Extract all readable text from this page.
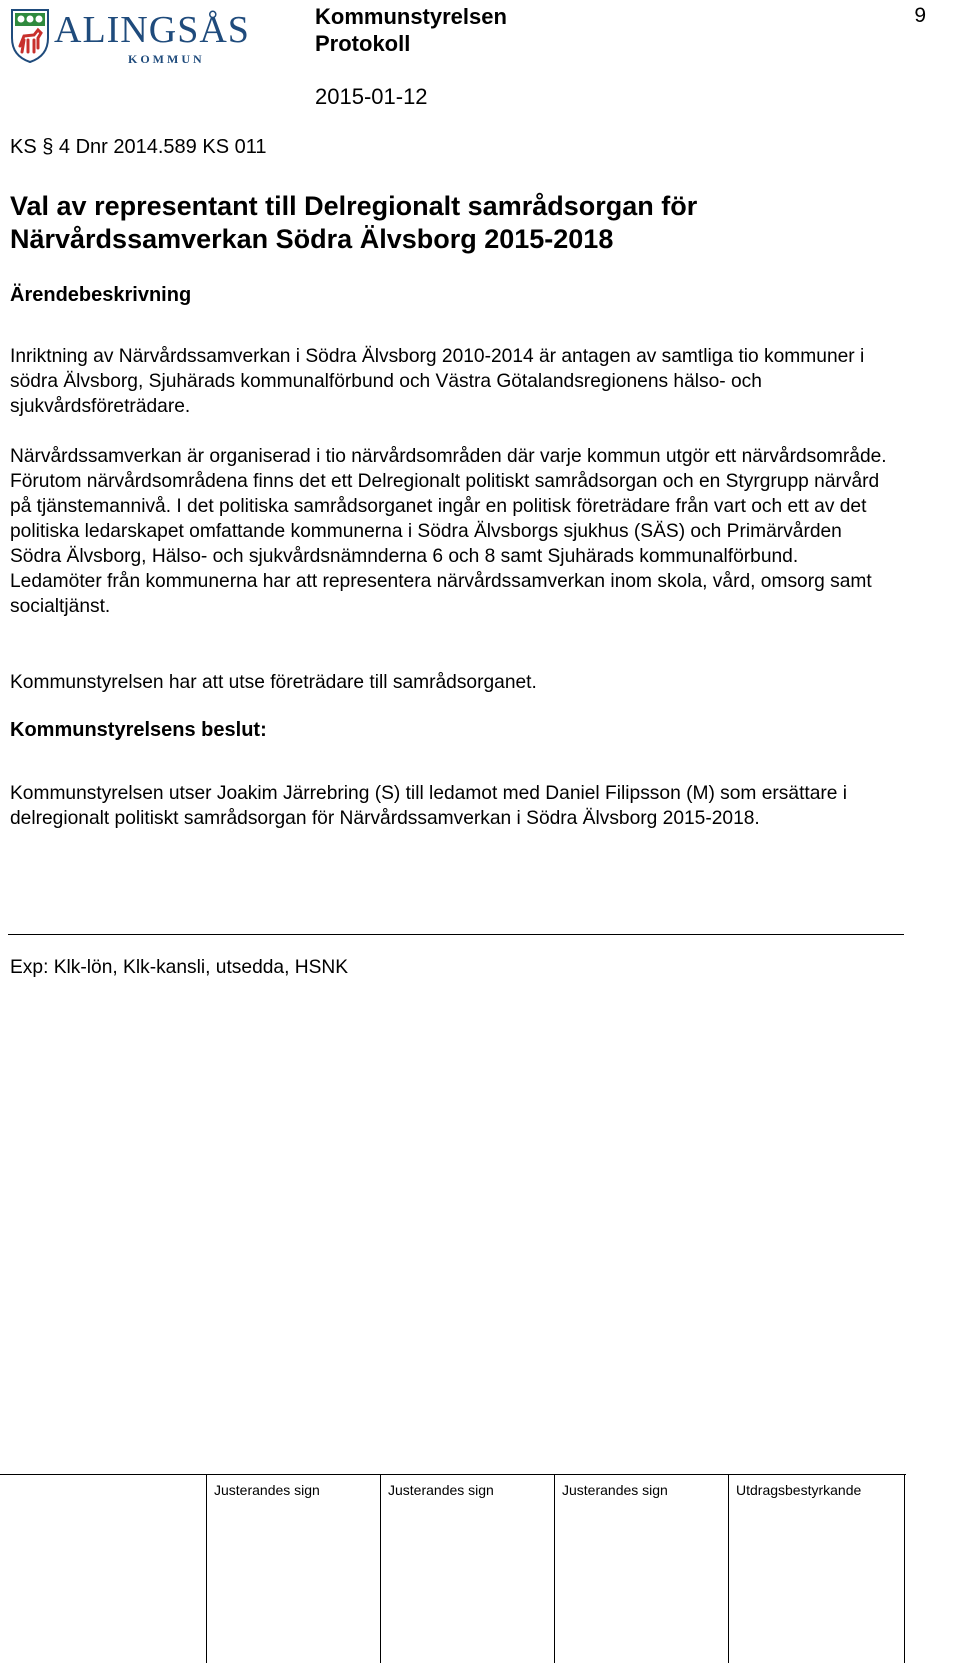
ALINGSÅS
KOMMUN
Kommunstyrelsen
Protokoll
9
2015-01-12
KS § 4 Dnr 2014.589 KS 011
Val av representant till Delregionalt samrådsorgan för Närvårdssamverkan Södra Älvsborg 2015-2018
Ärendebeskrivning

Inriktning av Närvårdssamverkan i Södra Älvsborg 2010-2014 är antagen av samtliga tio kommuner i södra Älvsborg, Sjuhärads kommunalförbund och Västra Götalandsregionens hälso- och sjukvårdsföreträdare.

Närvårdssamverkan är organiserad i tio närvårdsområden där varje kommun utgör ett närvårdsområde. Förutom närvårdsområdena finns det ett Delregionalt politiskt samrådsorgan och en Styrgrupp närvård på tjänstemannivå. I det politiska samrådsorganet ingår en politisk företrädare från vart och ett av det politiska ledarskapet omfattande kommunerna i Södra Älvsborgs sjukhus (SÄS) och Primärvården Södra Älvsborg, Hälso- och sjukvårdsnämnderna 6 och 8 samt Sjuhärads kommunalförbund. Ledamöter från kommunerna har att representera närvårdssamverkan inom skola, vård, omsorg samt socialtjänst.

Kommunstyrelsen har att utse företrädare till samrådsorganet.

Kommunstyrelsens beslut:

Kommunstyrelsen utser Joakim Järrebring (S) till ledamot med Daniel Filipsson (M) som ersättare i delregionalt politiskt samrådsorgan för Närvårdssamverkan i Södra Älvsborg 2015-2018.

Exp: Klk-lön, Klk-kansli, utsedda, HSNK
Justerandes sign	Justerandes sign	Justerandes sign	Utdragsbestyrkande
